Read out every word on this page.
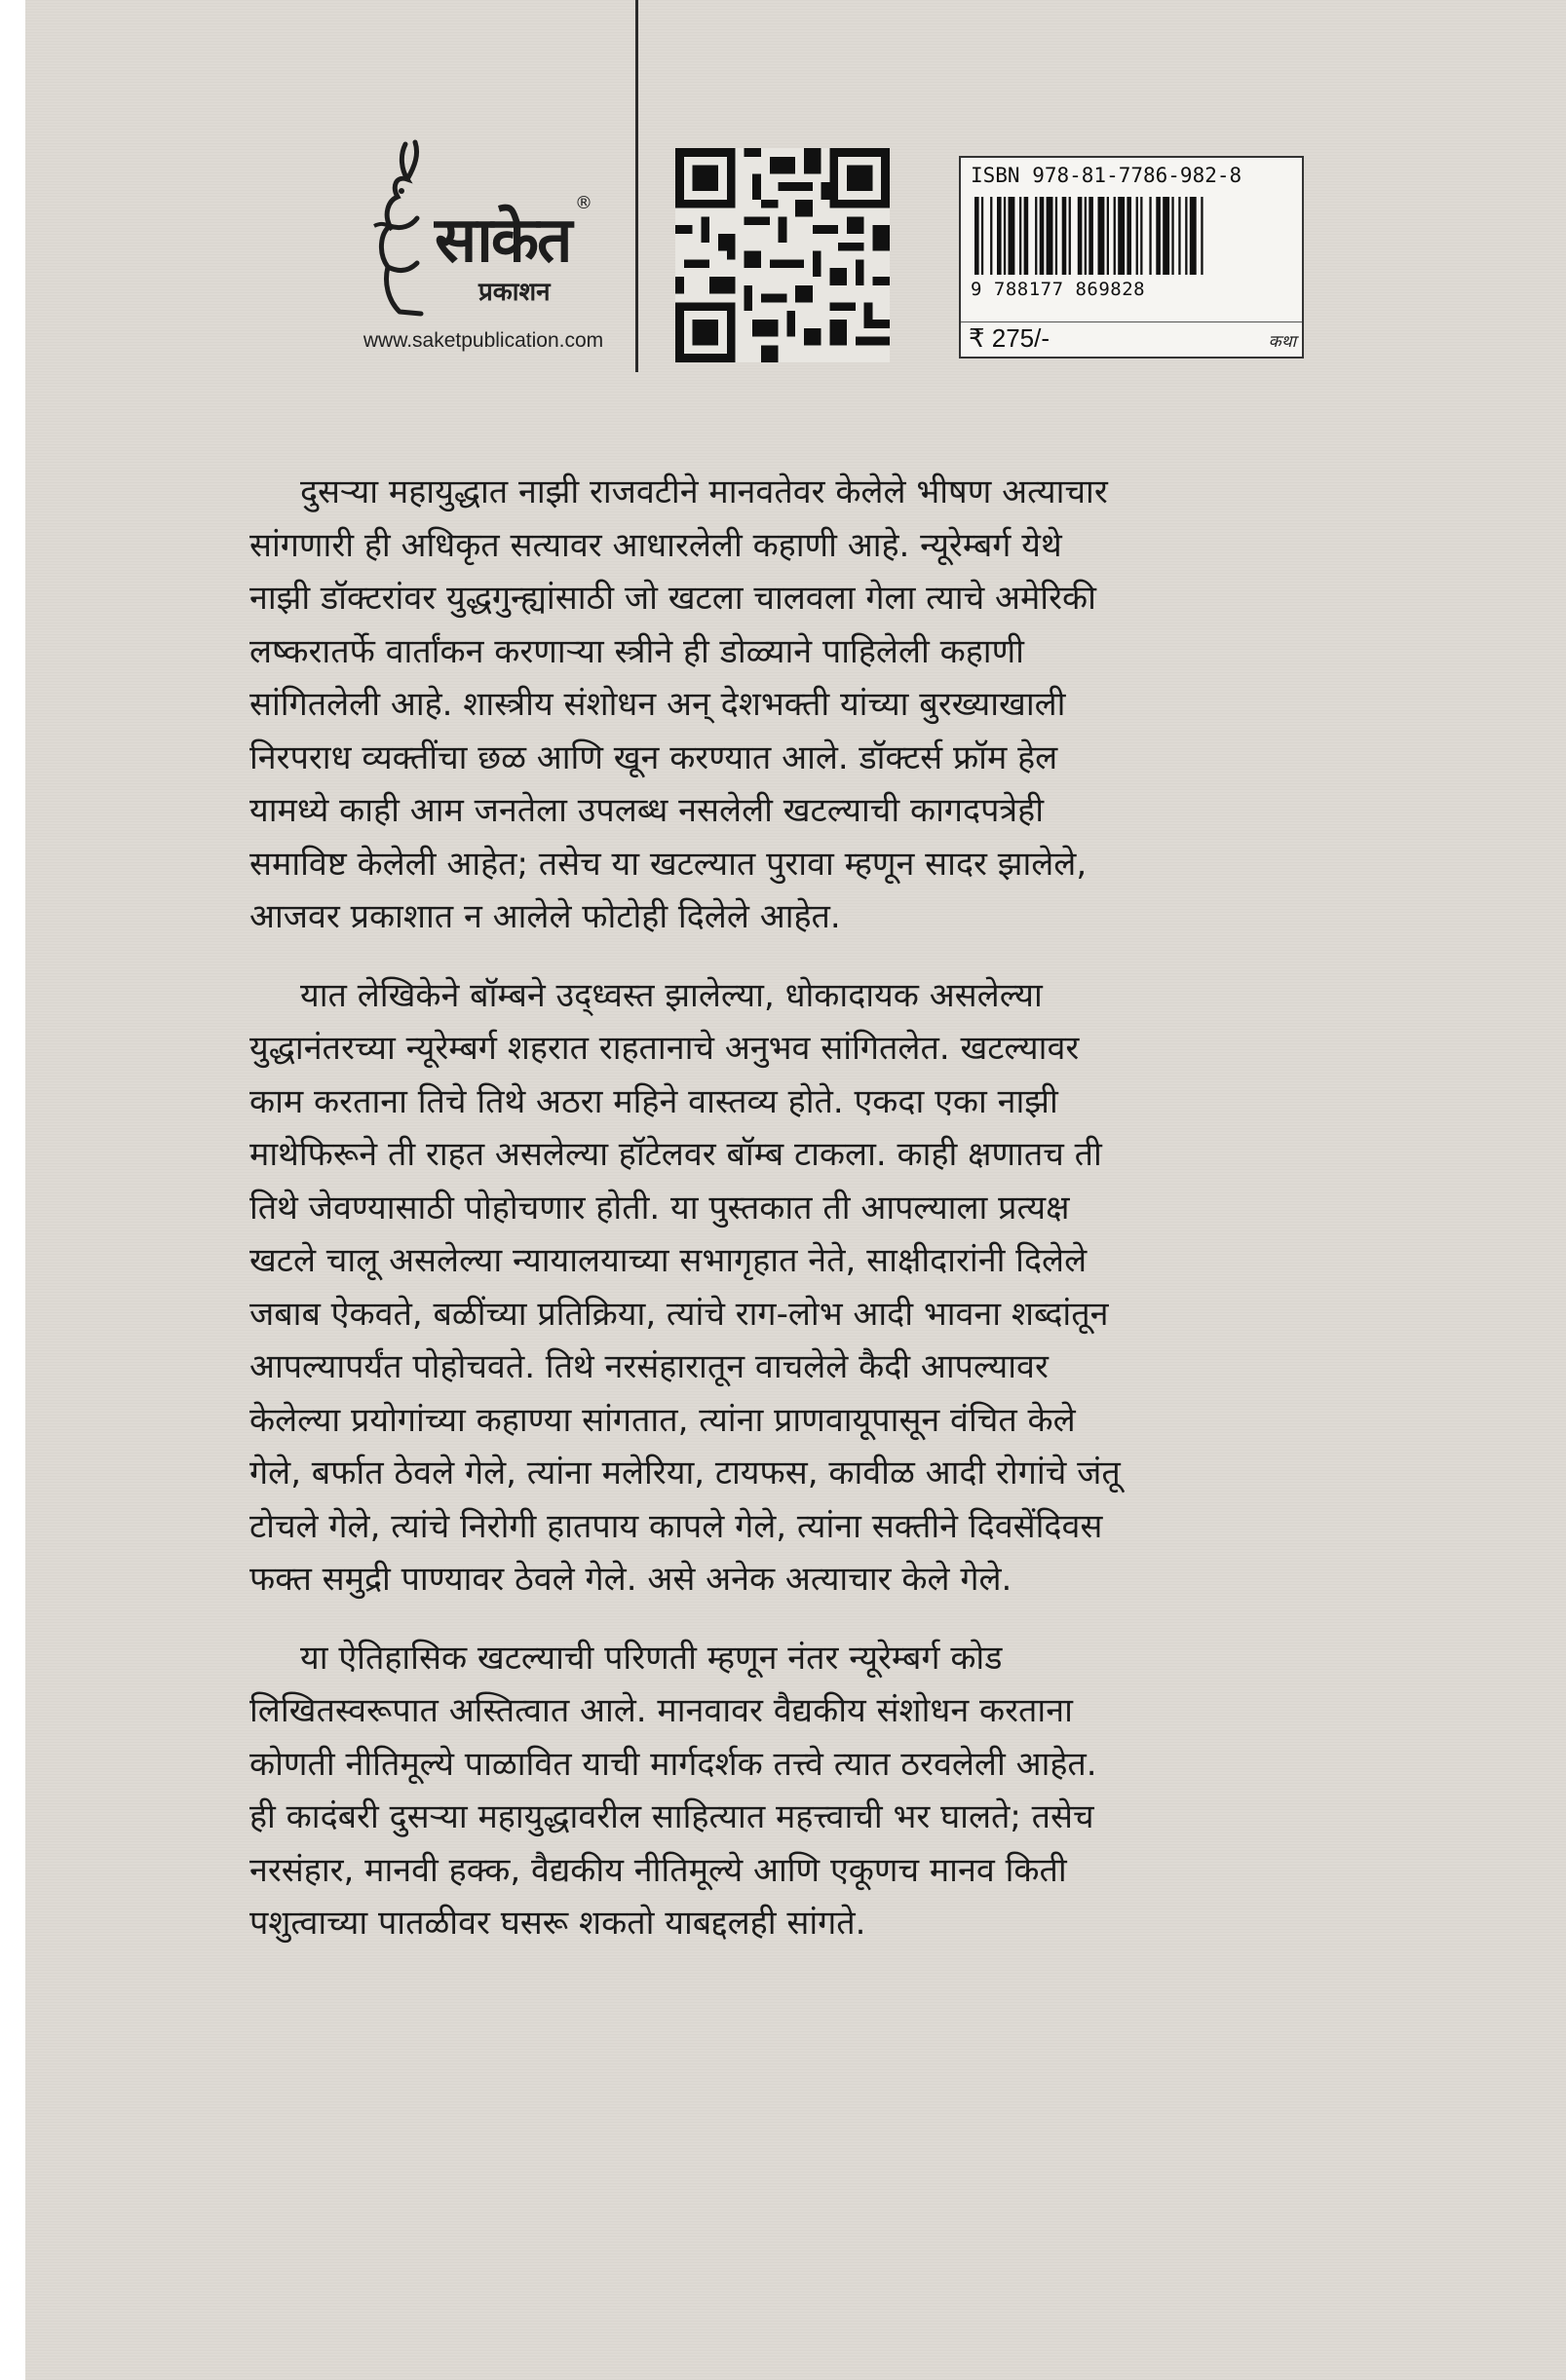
साकेत
®
प्रकाशन
www.saketpublication.com
ISBN 978-81-7786-982-8
9 788177 869828
₹ 275/-	कथा

दुसऱ्या महायुद्धात नाझी राजवटीने मानवतेवर केलेले भीषण अत्याचार
सांगणारी ही अधिकृत सत्यावर आधारलेली कहाणी आहे. न्यूरेम्बर्ग येथे
नाझी डॉक्टरांवर युद्धगुन्ह्यांसाठी जो खटला चालवला गेला त्याचे अमेरिकी
लष्करातर्फे वार्तांकन करणाऱ्या स्त्रीने ही डोळ्याने पाहिलेली कहाणी
सांगितलेली आहे. शास्त्रीय संशोधन अन् देशभक्ती यांच्या बुरख्याखाली
निरपराध व्यक्तींचा छळ आणि खून करण्यात आले. डॉक्टर्स फ्रॉम हेल
यामध्ये काही आम जनतेला उपलब्ध नसलेली खटल्याची कागदपत्रेही
समाविष्ट केलेली आहेत; तसेच या खटल्यात पुरावा म्हणून सादर झालेले,
आजवर प्रकाशात न आलेले फोटोही दिलेले आहेत.

यात लेखिकेने बॉम्बने उद्ध्वस्त झालेल्या, धोकादायक असलेल्या
युद्धानंतरच्या न्यूरेम्बर्ग शहरात राहतानाचे अनुभव सांगितलेत. खटल्यावर
काम करताना तिचे तिथे अठरा महिने वास्तव्य होते. एकदा एका नाझी
माथेफिरूने ती राहत असलेल्या हॉटेलवर बॉम्ब टाकला. काही क्षणातच ती
तिथे जेवण्यासाठी पोहोचणार होती. या पुस्तकात ती आपल्याला प्रत्यक्ष
खटले चालू असलेल्या न्यायालयाच्या सभागृहात नेते, साक्षीदारांनी दिलेले
जबाब ऐकवते, बळींच्या प्रतिक्रिया, त्यांचे राग-लोभ आदी भावना शब्दांतून
आपल्यापर्यंत पोहोचवते. तिथे नरसंहारातून वाचलेले कैदी आपल्यावर
केलेल्या प्रयोगांच्या कहाण्या सांगतात, त्यांना प्राणवायूपासून वंचित केले
गेले, बर्फात ठेवले गेले, त्यांना मलेरिया, टायफस, कावीळ आदी रोगांचे जंतू
टोचले गेले, त्यांचे निरोगी हातपाय कापले गेले, त्यांना सक्तीने दिवसेंदिवस
फक्त समुद्री पाण्यावर ठेवले गेले. असे अनेक अत्याचार केले गेले.

या ऐतिहासिक खटल्याची परिणती म्हणून नंतर न्यूरेम्बर्ग कोड
लिखितस्वरूपात अस्तित्वात आले. मानवावर वैद्यकीय संशोधन करताना
कोणती नीतिमूल्ये पाळावित याची मार्गदर्शक तत्त्वे त्यात ठरवलेली आहेत.
ही कादंबरी दुसऱ्या महायुद्धावरील साहित्यात महत्त्वाची भर घालते; तसेच
नरसंहार, मानवी हक्क, वैद्यकीय नीतिमूल्ये आणि एकूणच मानव किती
पशुत्वाच्या पातळीवर घसरू शकतो याबद्दलही सांगते.
